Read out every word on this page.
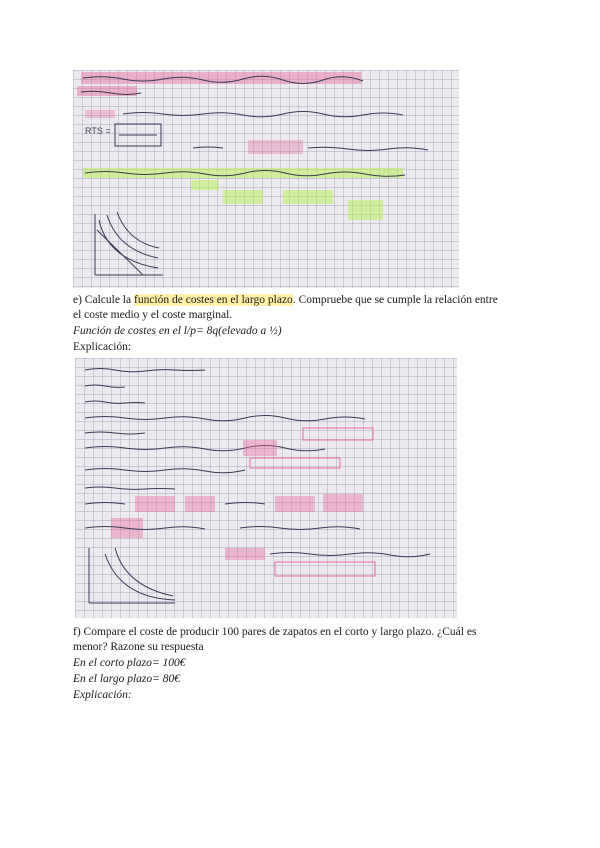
RTS =
e) Calcule la función de costes en el largo plazo. Compruebe que se cumple la relación entre
el coste medio y el coste marginal.
Función de costes en el l/p= 8q(elevado a ½)
Explicación:
f) Compare el coste de producir 100 pares de zapatos en el corto y largo plazo. ¿Cuál es
menor? Razone su respuesta
En el corto plazo= 100€
En el largo plazo= 80€
Explicación:
